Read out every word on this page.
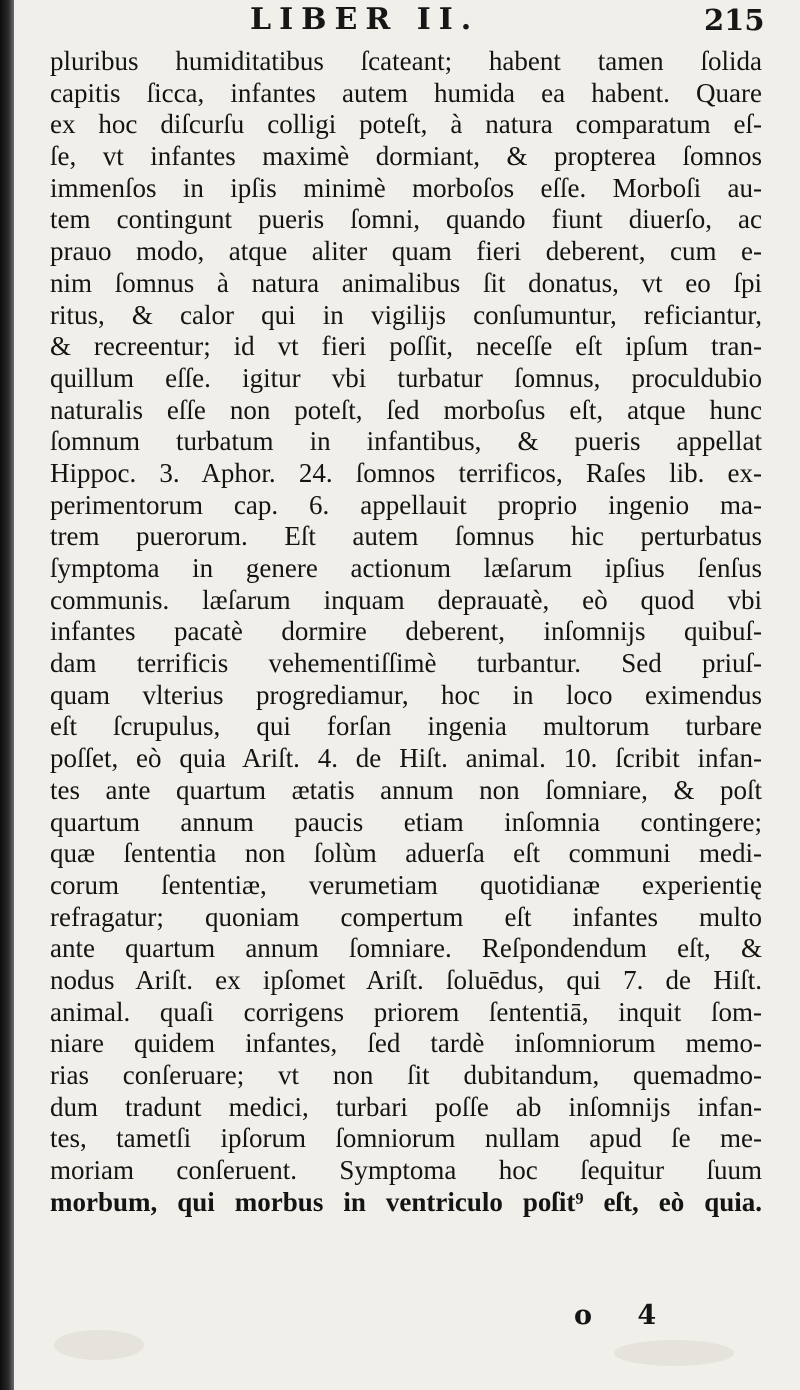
LIBER II.	215
pluribus humiditatibus ſcateant; habent tamen ſolida
capitis ſicca, infantes autem humida ea habent. Quare
ex hoc diſcurſu colligi poteſt, à natura comparatum eſ-
ſe, vt infantes maximè dormiant, & propterea ſomnos
immenſos in ipſis minimè morboſos eſſe. Morboſi au-
tem contingunt pueris ſomni, quando fiunt diuerſo, ac
prauo modo, atque aliter quam fieri deberent, cum e-
nim ſomnus à natura animalibus ſit donatus, vt eo ſpi
ritus, & calor qui in vigilijs conſumuntur, reficiantur,
& recreentur; id vt fieri poſſit, neceſſe eſt ipſum tran-
quillum eſſe. igitur vbi turbatur ſomnus, proculdubio
naturalis eſſe non poteſt, ſed morboſus eſt, atque hunc
ſomnum turbatum in infantibus, & pueris appellat
Hippoc. 3. Aphor. 24. ſomnos terrificos, Raſes lib. ex-
perimentorum cap. 6. appellauit proprio ingenio ma-
trem puerorum. Eſt autem ſomnus hic perturbatus
ſymptoma in genere actionum læſarum ipſius ſenſus
communis. læſarum inquam deprauatè, eò quod vbi
infantes pacatè dormire deberent, inſomnijs quibuſ-
dam terrificis vehementiſſimè turbantur. Sed priuſ-
quam vlterius progrediamur, hoc in loco eximendus
eſt ſcrupulus, qui forſan ingenia multorum turbare
poſſet, eò quia Ariſt. 4. de Hiſt. animal. 10. ſcribit infan-
tes ante quartum ætatis annum non ſomniare, & poſt
quartum annum paucis etiam inſomnia contingere;
quæ ſententia non ſolùm aduerſa eſt communi medi-
corum ſententiæ, verumetiam quotidianæ experientię
refragatur; quoniam compertum eſt infantes multo
ante quartum annum ſomniare. Reſpondendum eſt, &
nodus Ariſt. ex ipſomet Ariſt. ſoluēdus, qui 7. de Hiſt.
animal. quaſi corrigens priorem ſententiā, inquit ſom-
niare quidem infantes, ſed tardè inſomniorum memo-
rias conſeruare; vt non ſit dubitandum, quemadmo-
dum tradunt medici, turbari poſſe ab inſomnijs infan-
tes, tametſi ipſorum ſomniorum nullam apud ſe me-
moriam conſeruent. Symptoma hoc ſequitur ſuum
morbum, qui morbus in ventriculo poſit⁹ eſt, eò quia.
o 4
